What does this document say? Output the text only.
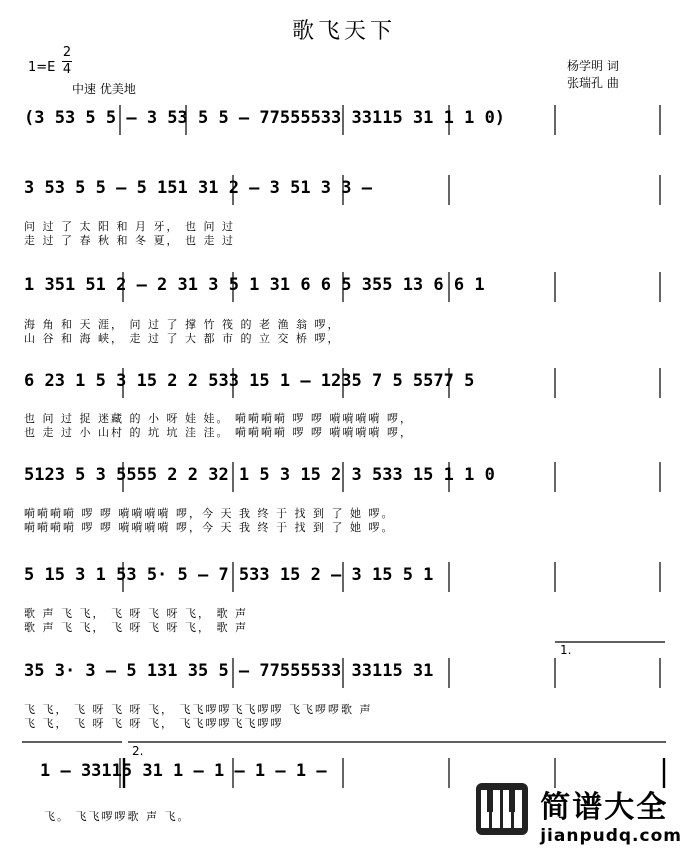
歌飞天下
1=E
2
4
中速 优美地
杨学明 词
张瑞孔 曲
(3 53 5 5 – 3 53 5 5 – 77555533 33115 31 1 1 0)
3 53 5 5 – 5 151 31 2 – 3 51 3 3 –
问 过 了 太 阳 和 月 牙， 也 问 过
走 过 了 春 秋 和 冬 夏， 也 走 过
1 351 51 2 – 2 31 3 5 1 31 6 6 5 355 13 6 6 1
海 角 和 天 涯， 问 过 了 撑 竹 筏 的 老 渔 翁 啰，
山 谷 和 海 峡， 走 过 了 大 都 市 的 立 交 桥 啰，
6 23 1 5 3 15 2 2 533 15 1 – 1235 7 5 5577 5
也 问 过 捉 迷藏 的 小 呀 娃 娃。 嗬嗬嗬嗬 啰 啰 嗬嗬嗬嗬 啰，
也 走 过 小 山村 的 坑 坑 洼 洼。 嗬嗬嗬嗬 啰 啰 嗬嗬嗬嗬 啰，
5123 5 3 5555 2 2 32 1 5 3 15 2 3 533 15 1 1 0
嗬嗬嗬嗬 啰 啰 嗬嗬嗬嗬 啰，今 天 我 终 于 找 到 了 她 啰。
嗬嗬嗬嗬 啰 啰 嗬嗬嗬嗬 啰，今 天 我 终 于 找 到 了 她 啰。
5 15 3 1 53 5· 5 – 7 533 15 2 – 3 15 5 1
歌 声 飞 飞， 飞 呀 飞 呀 飞， 歌 声
歌 声 飞 飞， 飞 呀 飞 呀 飞， 歌 声
1.
35 3· 3 – 5 131 35 5 – 77555533 33115 31
飞 飞， 飞 呀 飞 呀 飞， 飞飞啰啰飞飞啰啰 飞飞啰啰歌 声
飞 飞， 飞 呀 飞 呀 飞， 飞飞啰啰飞飞啰啰
2.
1 – 33115 31 1 – 1 – 1 – 1 –
飞。 飞飞啰啰歌 声 飞。
	简谱大全
jianpudq.com
